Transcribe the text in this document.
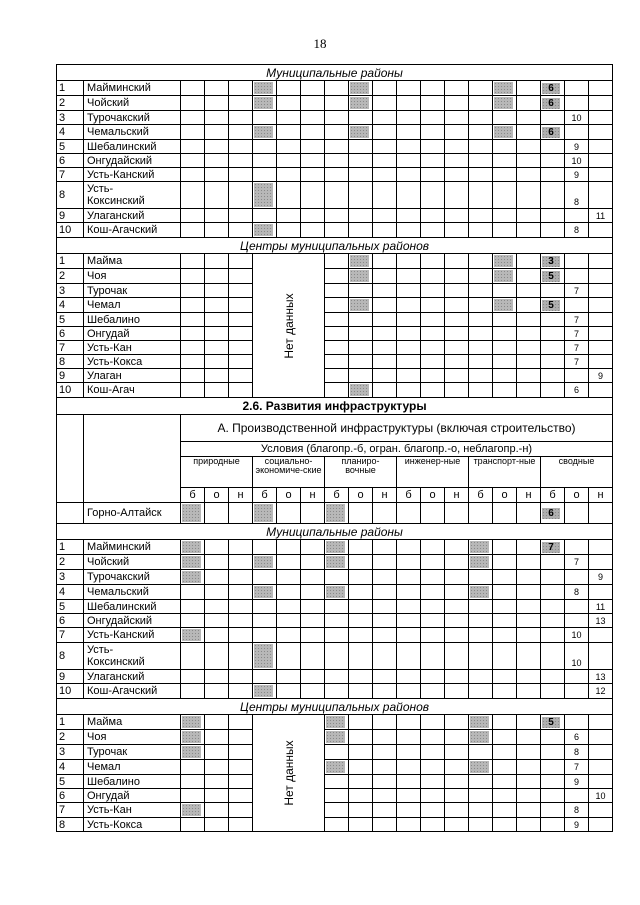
18
Муниципальные районы																			
1	Майминский																6		

2	Чойский																6		

3	Турочакский																	10	
4	Чемальский																6		

5	Шебалинский																	9	
6	Онгудайский																	10	
7	Усть-Канский																	9	
8	Усть-
Коксинский																	8	
9	Улаганский																		11
10	Кош-Агачский																	8	
Центры муниципальных районов																			
1	Майма				Нет данных												3		

2	Чоя																5		

3	Турочак																	7	
4	Чемал																5		

5	Шебалино																	7	
6	Онгудай																	7	
7	Усть-Кан																	7	
8	Усть-Кокса																	7	
9	Улаган																		9
10	Кош-Агач																	6	
2.6. Развития инфраструктуры																			
		А. Производственной инфраструктуры (включая строительство)																	
		Условия (благопр.-б, огран. благопр.-о, неблагопр.-н)																	
		природные			социально-экономиче-ские			планиро-вочные			инженер-ные			транспорт-ные			сводные		
		б	о	н	б	о	н	б	о	н	б	о	н	б	о	н	б	о	н
	Горно-Алтайск																6		

Муниципальные районы																			
1	Майминский																7		

2	Чойский																	7	
3	Турочакский																		9
4	Чемальский																	8	
5	Шебалинский																		11
6	Онгудайский																		13
7	Усть-Канский																	10	
8	Усть-
Коксинский																	10	
9	Улаганский																		13
10	Кош-Агачский																		12
Центры муниципальных районов																			
1	Майма				Нет данных												5		

2	Чоя																	6	
3	Турочак																	8	
4	Чемал																	7	
5	Шебалино																	9	
6	Онгудай																		10
7	Усть-Кан																	8	
8	Усть-Кокса																	9	
